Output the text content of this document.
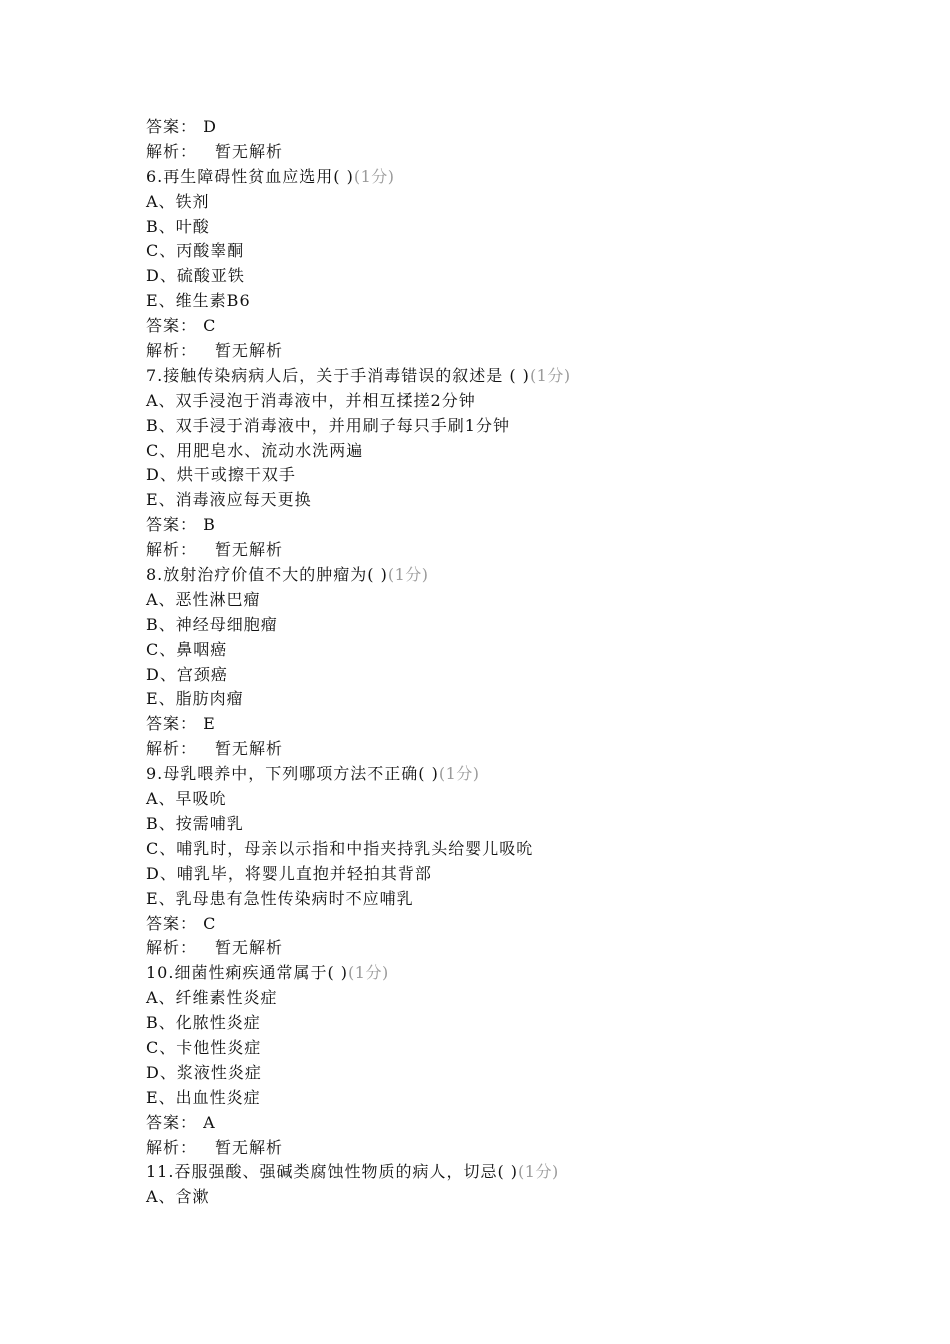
答案： D
解析： 暂无解析
6.再生障碍性贫血应选用( )(1分)
A、铁剂
B、叶酸
C、丙酸睾酮
D、硫酸亚铁
E、维生素B6
答案： C
解析： 暂无解析
7.接触传染病病人后，关于手消毒错误的叙述是 ( )(1分)
A、双手浸泡于消毒液中，并相互揉搓2分钟
B、双手浸于消毒液中，并用刷子每只手刷1分钟
C、用肥皂水、流动水洗两遍
D、烘干或擦干双手
E、消毒液应每天更换
答案： B
解析： 暂无解析
8.放射治疗价值不大的肿瘤为( )(1分)
A、恶性淋巴瘤
B、神经母细胞瘤
C、鼻咽癌
D、宫颈癌
E、脂肪肉瘤
答案： E
解析： 暂无解析
9.母乳喂养中，下列哪项方法不正确( )(1分)
A、早吸吮
B、按需哺乳
C、哺乳时，母亲以示指和中指夹持乳头给婴儿吸吮
D、哺乳毕，将婴儿直抱并轻拍其背部
E、乳母患有急性传染病时不应哺乳
答案： C
解析： 暂无解析
10.细菌性痢疾通常属于( )(1分)
A、纤维素性炎症
B、化脓性炎症
C、卡他性炎症
D、浆液性炎症
E、出血性炎症
答案： A
解析： 暂无解析
11.吞服强酸、强碱类腐蚀性物质的病人，切忌( )(1分)
A、含漱
